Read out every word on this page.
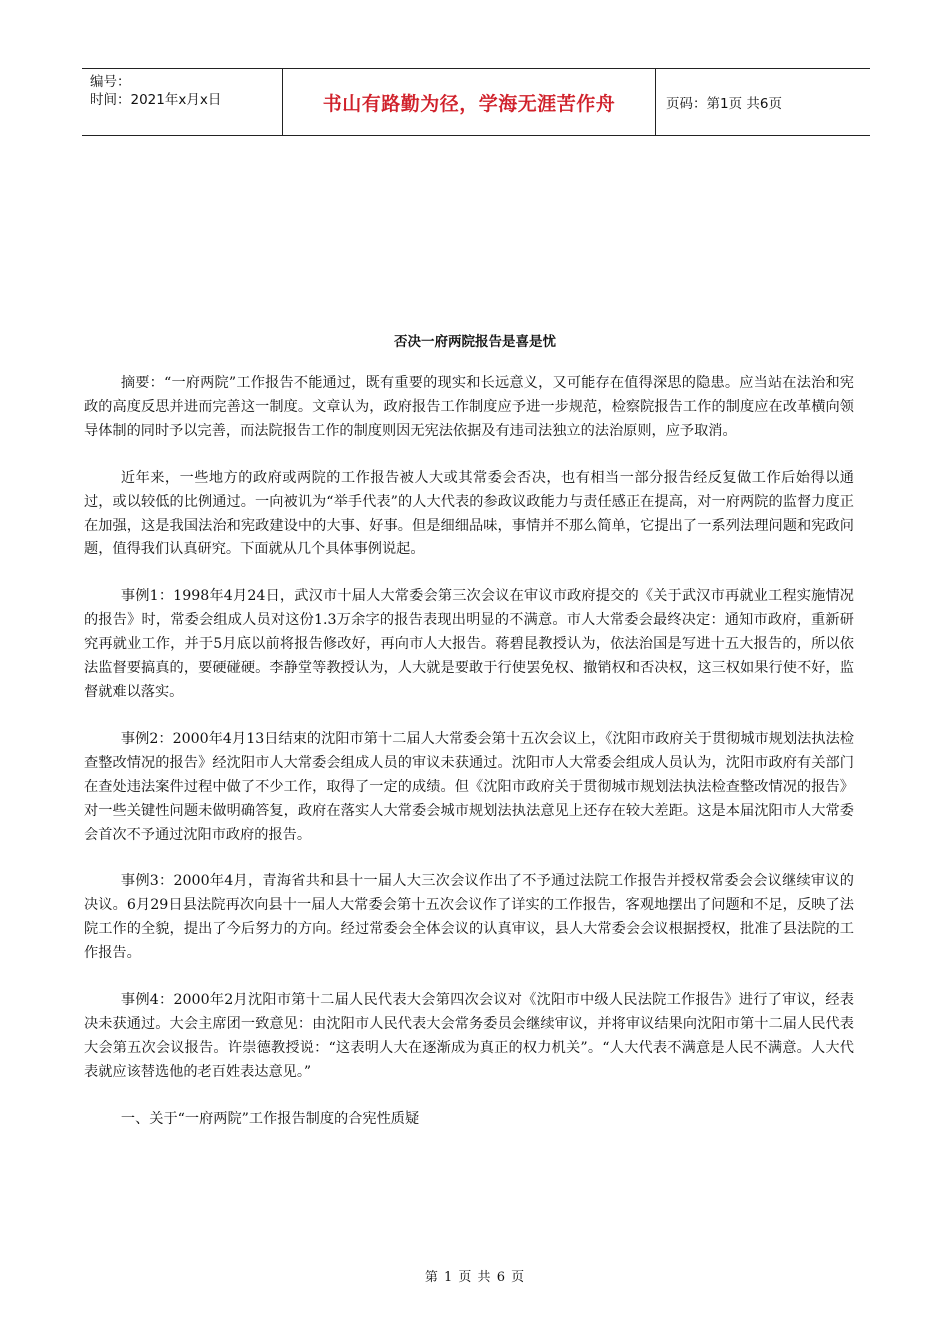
编号：
时间：2021年x月x日	书山有路勤为径，学海无涯苦作舟	页码：第1页 共6页
否决一府两院报告是喜是忧

摘要：“一府两院”工作报告不能通过，既有重要的现实和长远意义，又可能存在值得深思的隐患。应当站在法治和宪政的高度反思并进而完善这一制度。文章认为，政府报告工作制度应予进一步规范，检察院报告工作的制度应在改革横向领导体制的同时予以完善，而法院报告工作的制度则因无宪法依据及有违司法独立的法治原则，应予取消。

近年来，一些地方的政府或两院的工作报告被人大或其常委会否决，也有相当一部分报告经反复做工作后始得以通过，或以较低的比例通过。一向被讥为“举手代表”的人大代表的参政议政能力与责任感正在提高，对一府两院的监督力度正在加强，这是我国法治和宪政建设中的大事、好事。但是细细品味，事情并不那么简单，它提出了一系列法理问题和宪政问题，值得我们认真研究。下面就从几个具体事例说起。

事例1：1998年4月24日，武汉市十届人大常委会第三次会议在审议市政府提交的《关于武汉市再就业工程实施情况的报告》时，常委会组成人员对这份1.3万余字的报告表现出明显的不满意。市人大常委会最终决定：通知市政府，重新研究再就业工作，并于5月底以前将报告修改好，再向市人大报告。蒋碧昆教授认为，依法治国是写进十五大报告的，所以依法监督要搞真的，要硬碰硬。李静堂等教授认为，人大就是要敢于行使罢免权、撤销权和否决权，这三权如果行使不好，监督就难以落实。

事例2：2000年4月13日结束的沈阳市第十二届人大常委会第十五次会议上，《沈阳市政府关于贯彻城市规划法执法检查整改情况的报告》经沈阳市人大常委会组成人员的审议未获通过。沈阳市人大常委会组成人员认为，沈阳市政府有关部门在查处违法案件过程中做了不少工作，取得了一定的成绩。但《沈阳市政府关于贯彻城市规划法执法检查整改情况的报告》对一些关键性问题未做明确答复，政府在落实人大常委会城市规划法执法意见上还存在较大差距。这是本届沈阳市人大常委会首次不予通过沈阳市政府的报告。

事例3：2000年4月，青海省共和县十一届人大三次会议作出了不予通过法院工作报告并授权常委会会议继续审议的决议。6月29日县法院再次向县十一届人大常委会第十五次会议作了详实的工作报告，客观地摆出了问题和不足，反映了法院工作的全貌，提出了今后努力的方向。经过常委会全体会议的认真审议，县人大常委会会议根据授权，批准了县法院的工作报告。

事例4：2000年2月沈阳市第十二届人民代表大会第四次会议对《沈阳市中级人民法院工作报告》进行了审议，经表决未获通过。大会主席团一致意见：由沈阳市人民代表大会常务委员会继续审议，并将审议结果向沈阳市第十二届人民代表大会第五次会议报告。许崇德教授说：“这表明人大在逐渐成为真正的权力机关”。“人大代表不满意是人民不满意。人大代表就应该替选他的老百姓表达意见。”

一、关于“一府两院”工作报告制度的合宪性质疑

第 1 页 共 6 页
